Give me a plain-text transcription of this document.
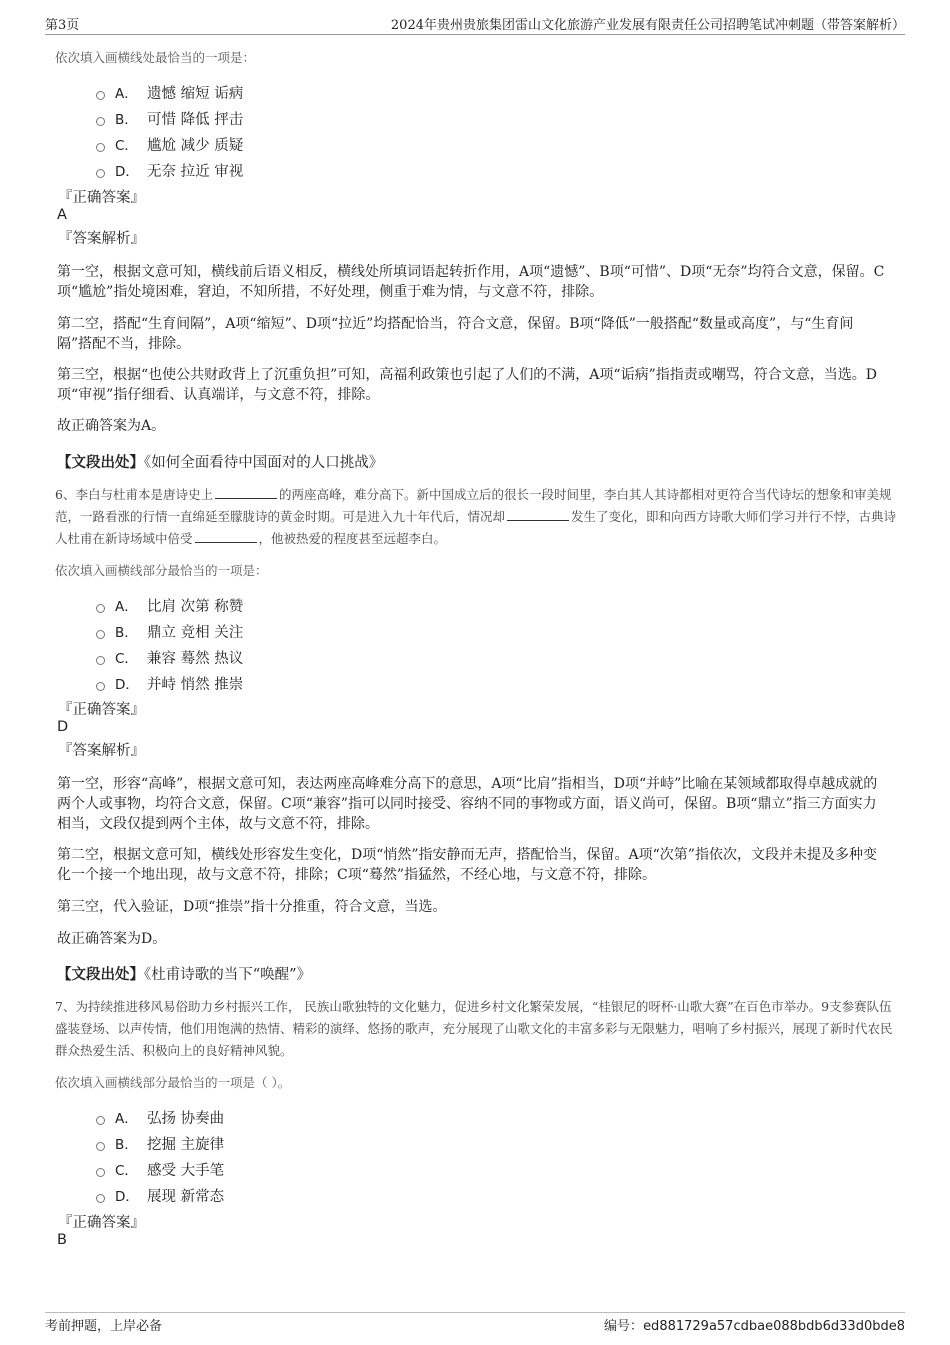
第3页	2024年贵州贵旅集团雷山文化旅游产业发展有限责任公司招聘笔试冲刺题（带答案解析）
依次填入画横线处最恰当的一项是：
A． 遗憾 缩短 诟病
B． 可惜 降低 抨击
C． 尴尬 减少 质疑
D． 无奈 拉近 审视
『正确答案』
A
『答案解析』
第一空，根据文意可知，横线前后语义相反，横线处所填词语起转折作用，A项“遗憾”、B项“可惜”、D项“无奈”均符合文意，保留。C项“尴尬”指处境困难，窘迫，不知所措，不好处理，侧重于难为情，与文意不符，排除。
第二空，搭配“生育间隔”，A项“缩短”、D项“拉近”均搭配恰当，符合文意，保留。B项“降低”一般搭配“数量或高度”，与“生育间隔”搭配不当，排除。
第三空，根据“也使公共财政背上了沉重负担”可知，高福利政策也引起了人们的不满，A项“诟病”指指责或嘲骂，符合文意，当选。D项“审视”指仔细看、认真端详，与文意不符，排除。
故正确答案为A。
【文段出处】《如何全面看待中国面对的人口挑战》
6、李白与杜甫本是唐诗史上	的两座高峰，难分高下。新中国成立后的很长一段时间里，李白其人其诗都相对更符合当代诗坛的想象和审美规范，一路看涨的行情一直绵延至朦胧诗的黄金时期。可是进入九十年代后，情况却	发生了变化，即和向西方诗歌大师们学习并行不悖，古典诗人杜甫在新诗场域中倍受	，他被热爱的程度甚至远超李白。
依次填入画横线部分最恰当的一项是：
A． 比肩 次第 称赞
B． 鼎立 竞相 关注
C． 兼容 蓦然 热议
D． 并峙 悄然 推崇
『正确答案』
D
『答案解析』
第一空，形容“高峰”，根据文意可知，表达两座高峰难分高下的意思，A项“比肩”指相当，D项“并峙”比喻在某领域都取得卓越成就的两个人或事物，均符合文意，保留。C项“兼容”指可以同时接受、容纳不同的事物或方面，语义尚可，保留。B项“鼎立”指三方面实力相当，文段仅提到两个主体，故与文意不符，排除。
第二空，根据文意可知，横线处形容发生变化，D项“悄然”指安静而无声，搭配恰当，保留。A项“次第”指依次，文段并未提及多种变化一个接一个地出现，故与文意不符，排除；C项“蓦然”指猛然，不经心地，与文意不符，排除。
第三空，代入验证，D项“推崇”指十分推重，符合文意，当选。
故正确答案为D。
【文段出处】《杜甫诗歌的当下“唤醒”》
7、为持续推进移风易俗助力乡村振兴工作， 民族山歌独特的文化魅力，促进乡村文化繁荣发展，“桂银尼的呀杯·山歌大赛”在百色市举办。9支参赛队伍盛装登场、以声传情，他们用饱满的热情、精彩的演绎、悠扬的歌声，充分展现了山歌文化的丰富多彩与无限魅力，唱响了乡村振兴，展现了新时代农民群众热爱生活、积极向上的良好精神风貌。
依次填入画横线部分最恰当的一项是（ ）。
A． 弘扬 协奏曲
B． 挖掘 主旋律
C． 感受 大手笔
D． 展现 新常态
『正确答案』
B
考前押题，上岸必备	编号：ed881729a57cdbae088bdb6d33d0bde8
